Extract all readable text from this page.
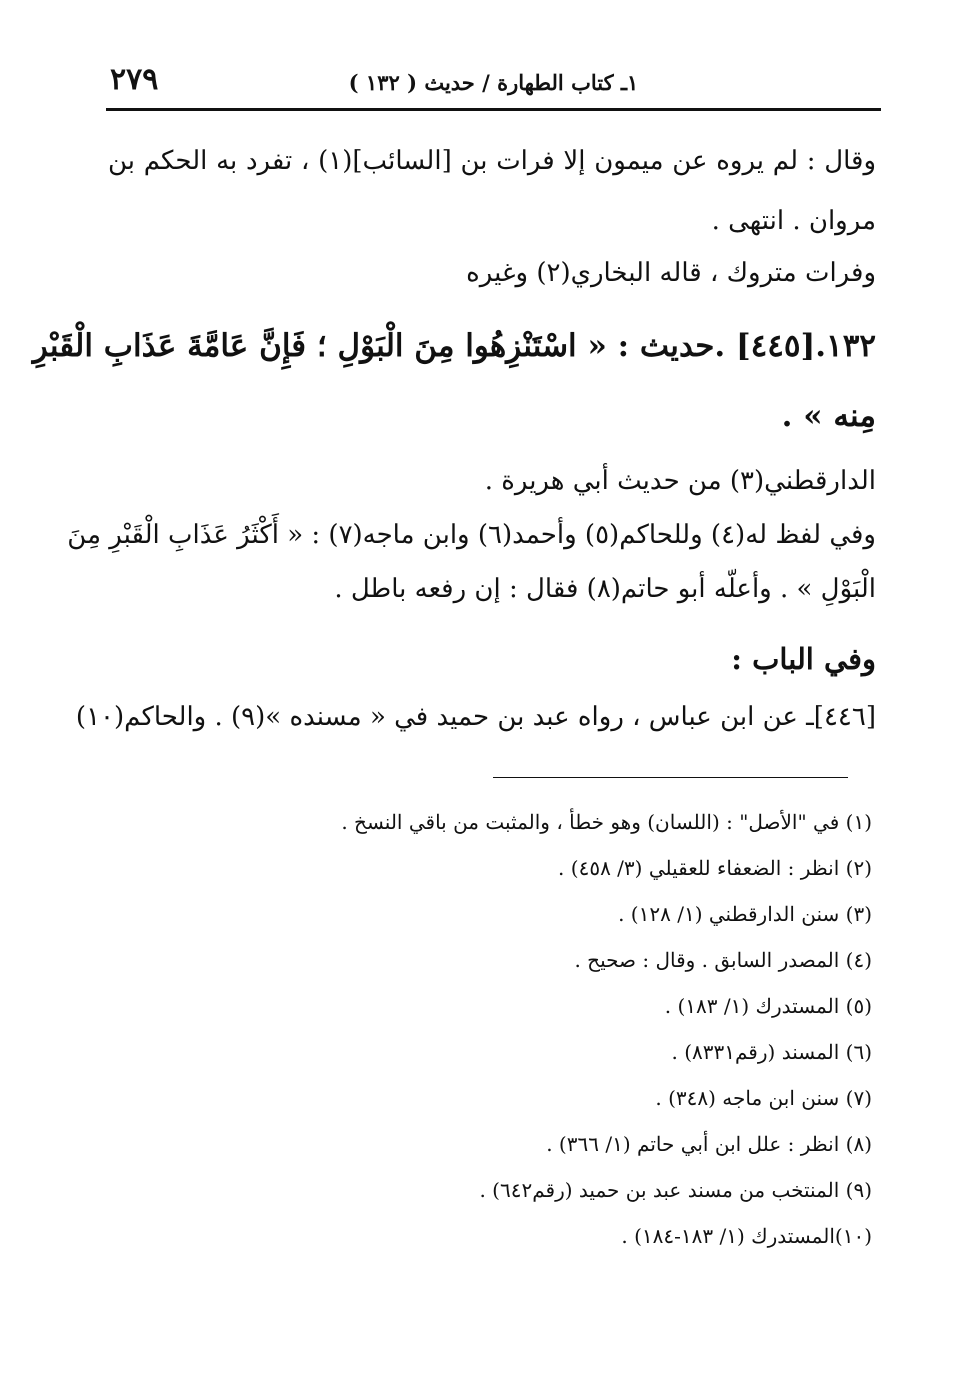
٢٧٩	١ـ كتاب الطهارة / حديث ( ١٣٢ )
وقال : لم يروه عن ميمون إلا فرات بن [السائب](١) ، تفرد به الحكم بن
مروان . انتهى .
وفرات متروك ، قاله البخاري(٢) وغيره
١٣٢.[٤٤٥] .حديث : « اسْتَنْزِهُوا مِنَ الْبَوْلِ ؛ فَإِنَّ عَامَّةَ عَذَابِ الْقَبْرِ
مِنه » .
الدارقطني(٣) من حديث أبي هريرة .
وفي لفظ له(٤) وللحاكم(٥) وأحمد(٦) وابن ماجه(٧) : « أَكْثَرُ عَذَابِ الْقَبْرِ مِنَ
الْبَوْلِ » . وأعلّه أبو حاتم(٨) فقال : إن رفعه باطل .
وفي الباب :
[٤٤٦]ـ عن ابن عباس ، رواه عبد بن حميد في « مسنده »(٩) . والحاكم(١٠)
(١) في "الأصل" : (اللسان) وهو خطأ ، والمثبت من باقي النسخ .
(٢) انظر : الضعفاء للعقيلي (٣/ ٤٥٨) .
(٣) سنن الدارقطني (١/ ١٢٨) .
(٤) المصدر السابق . وقال : صحيح .
(٥) المستدرك (١/ ١٨٣) .
(٦) المسند (رقم٨٣٣١) .
(٧) سنن ابن ماجه (٣٤٨) .
(٨) انظر : علل ابن أبي حاتم (١/ ٣٦٦) .
(٩) المنتخب من مسند عبد بن حميد (رقم٦٤٢) .
(١٠)المستدرك (١/ ١٨٣-١٨٤) .
